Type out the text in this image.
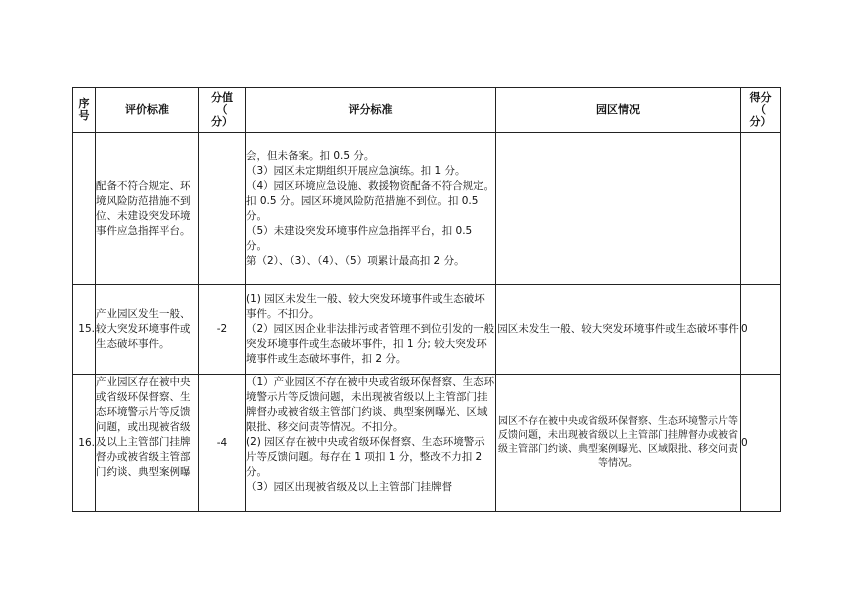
序
号	评价标准	分值
（
分）	评分标准	园区情况	得分
（
分）
	配备不符合规定、环境风险防范措施不到位、未建设突发环境事件应急指挥平台。		会，但未备案。扣 0.5 分。
（3）园区未定期组织开展应急演练。扣 1 分。
（4）园区环境应急设施、救援物资配备不符合规定。扣 0.5 分。园区环境风险防范措施不到位。扣 0.5 分。
（5）未建设突发环境事件应急指挥平台，扣 0.5 分。
第（2）、（3）、（4）、（5）项累计最高扣 2 分。		

15.	产业园区发生一般、较大突发环境事件或生态破坏事件。	-2	(1) 园区未发生一般、较大突发环境事件或生态破坏事件。不扣分。
（2）园区因企业非法排污或者管理不到位引发的一般突发环境事件或生态破坏事件，扣 1 分; 较大突发环境事件或生态破坏事件，扣 2 分。	园区未发生一般、较大突发环境事件或生态破坏事件	0
16.	产业园区存在被中央或省级环保督察、生态环境警示片等反馈问题，或出现被省级及以上主管部门挂牌督办或被省级主管部门约谈、典型案例曝	-4	（1）产业园区不存在被中央或省级环保督察、生态环境警示片等反馈问题，未出现被省级以上主管部门挂牌督办或被省级主管部门约谈、典型案例曝光、区域限批、移交问责等情况。不扣分。
(2) 园区存在被中央或省级环保督察、生态环境警示片等反馈问题。每存在 1 项扣 1 分，整改不力扣 2 分。
（3）园区出现被省级及以上主管部门挂牌督	园区不存在被中央或省级环保督察、生态环境警示片等反馈问题，未出现被省级以上主管部门挂牌督办或被省级主管部门约谈、典型案例曝光、区域限批、移交问责等情况。	0
